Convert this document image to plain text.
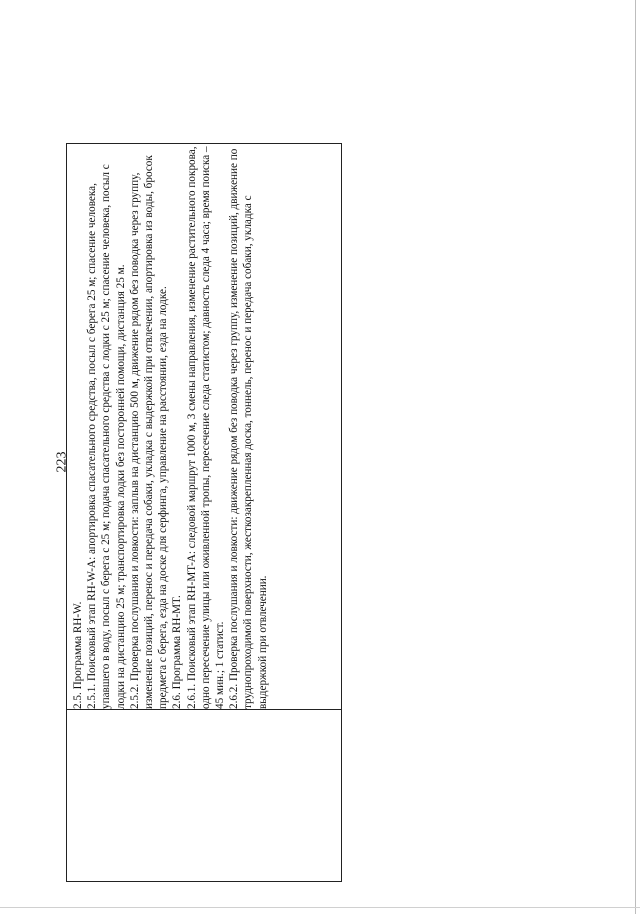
223

2.5. Программа RH-W. 2.5.1. Поисковый этап RH-W-A: апортировка спасательного средства, посыл с берега 25 м; спасение человека, упавшего в воду, посыл с берега с 25 м; подача спасательного средства с лодки с 25 м; спасение человека, посыл с лодки на дистанцию 25 м; транспортировка лодки без посторонней помощи, дистанция 25 м. 2.5.2. Проверка послушания и ловкости: заплыв на дистанцию 500 м, движение рядом без поводка через группу, изменение позиций, перенос и передача собаки, укладка с выдержкой при отвлечении, апортировка из воды, бросок предмета с берега, езда на доске для серфинга, управление на расстоянии, езда на лодке. 2.6. Программа RH-MT. 2.6.1. Поисковый этап RH-MT-A: следовой маршрут 1000 м, 3 смены направления, изменение растительного покрова, одно пересечение улицы или оживленной тропы, пересечение следа статистом; давность следа 4 часа; время поиска – 45 мин.; 1 статист. 2.6.2. Проверка послушания и ловкости: движение рядом без поводка через группу, изменение позиций, движение по труднопроходимой поверхности, жесткозакрепленная доска, тоннель, перенос и передача собаки, укладка с выдержкой при отвлечении.
